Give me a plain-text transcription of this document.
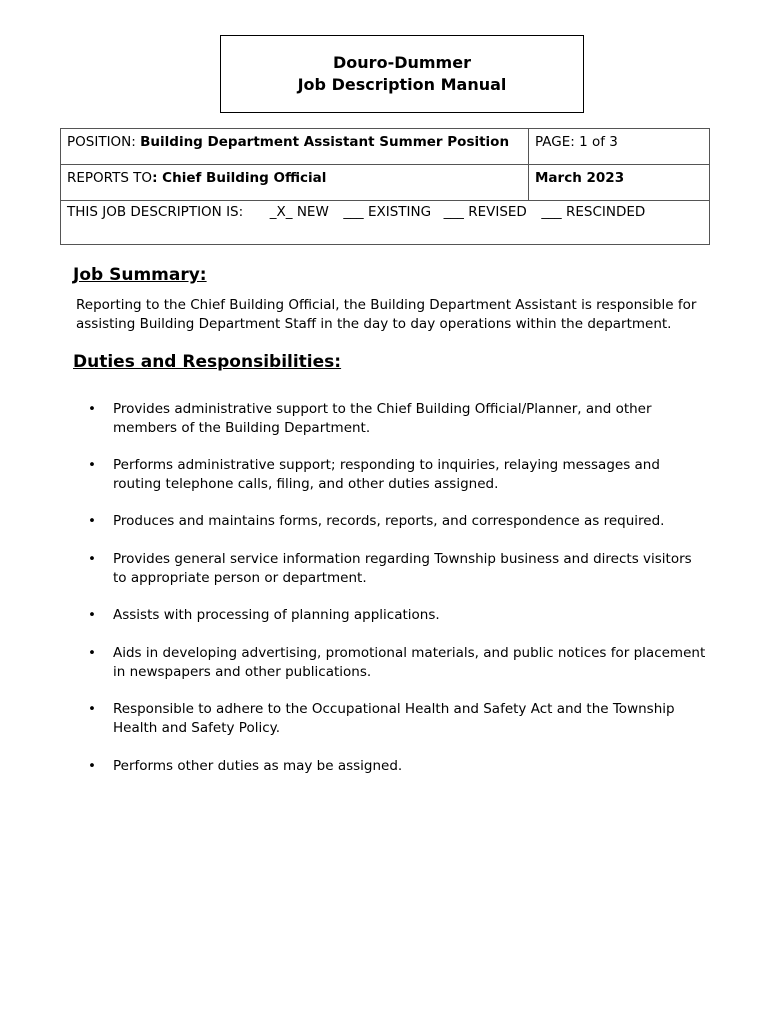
Douro-Dummer
Job Description Manual
POSITION: Building Department Assistant Summer Position	PAGE: 1 of 3
REPORTS TO: Chief Building Official	March 2023
THIS JOB DESCRIPTION IS: _X_ NEW ___ EXISTING ___ REVISED ___ RESCINDED	
Job Summary:
Reporting to the Chief Building Official, the Building Department Assistant is responsible for assisting Building Department Staff in the day to day operations within the department.
Duties and Responsibilities:
•	Provides administrative support to the Chief Building Official/Planner, and other members of the Building Department.
•	Performs administrative support; responding to inquiries, relaying messages and routing telephone calls, filing, and other duties assigned.
•	Produces and maintains forms, records, reports, and correspondence as required.
•	Provides general service information regarding Township business and directs visitors to appropriate person or department.
•	Assists with processing of planning applications.
•	Aids in developing advertising, promotional materials, and public notices for placement in newspapers and other publications.
•	Responsible to adhere to the Occupational Health and Safety Act and the Township Health and Safety Policy.
•	Performs other duties as may be assigned.
